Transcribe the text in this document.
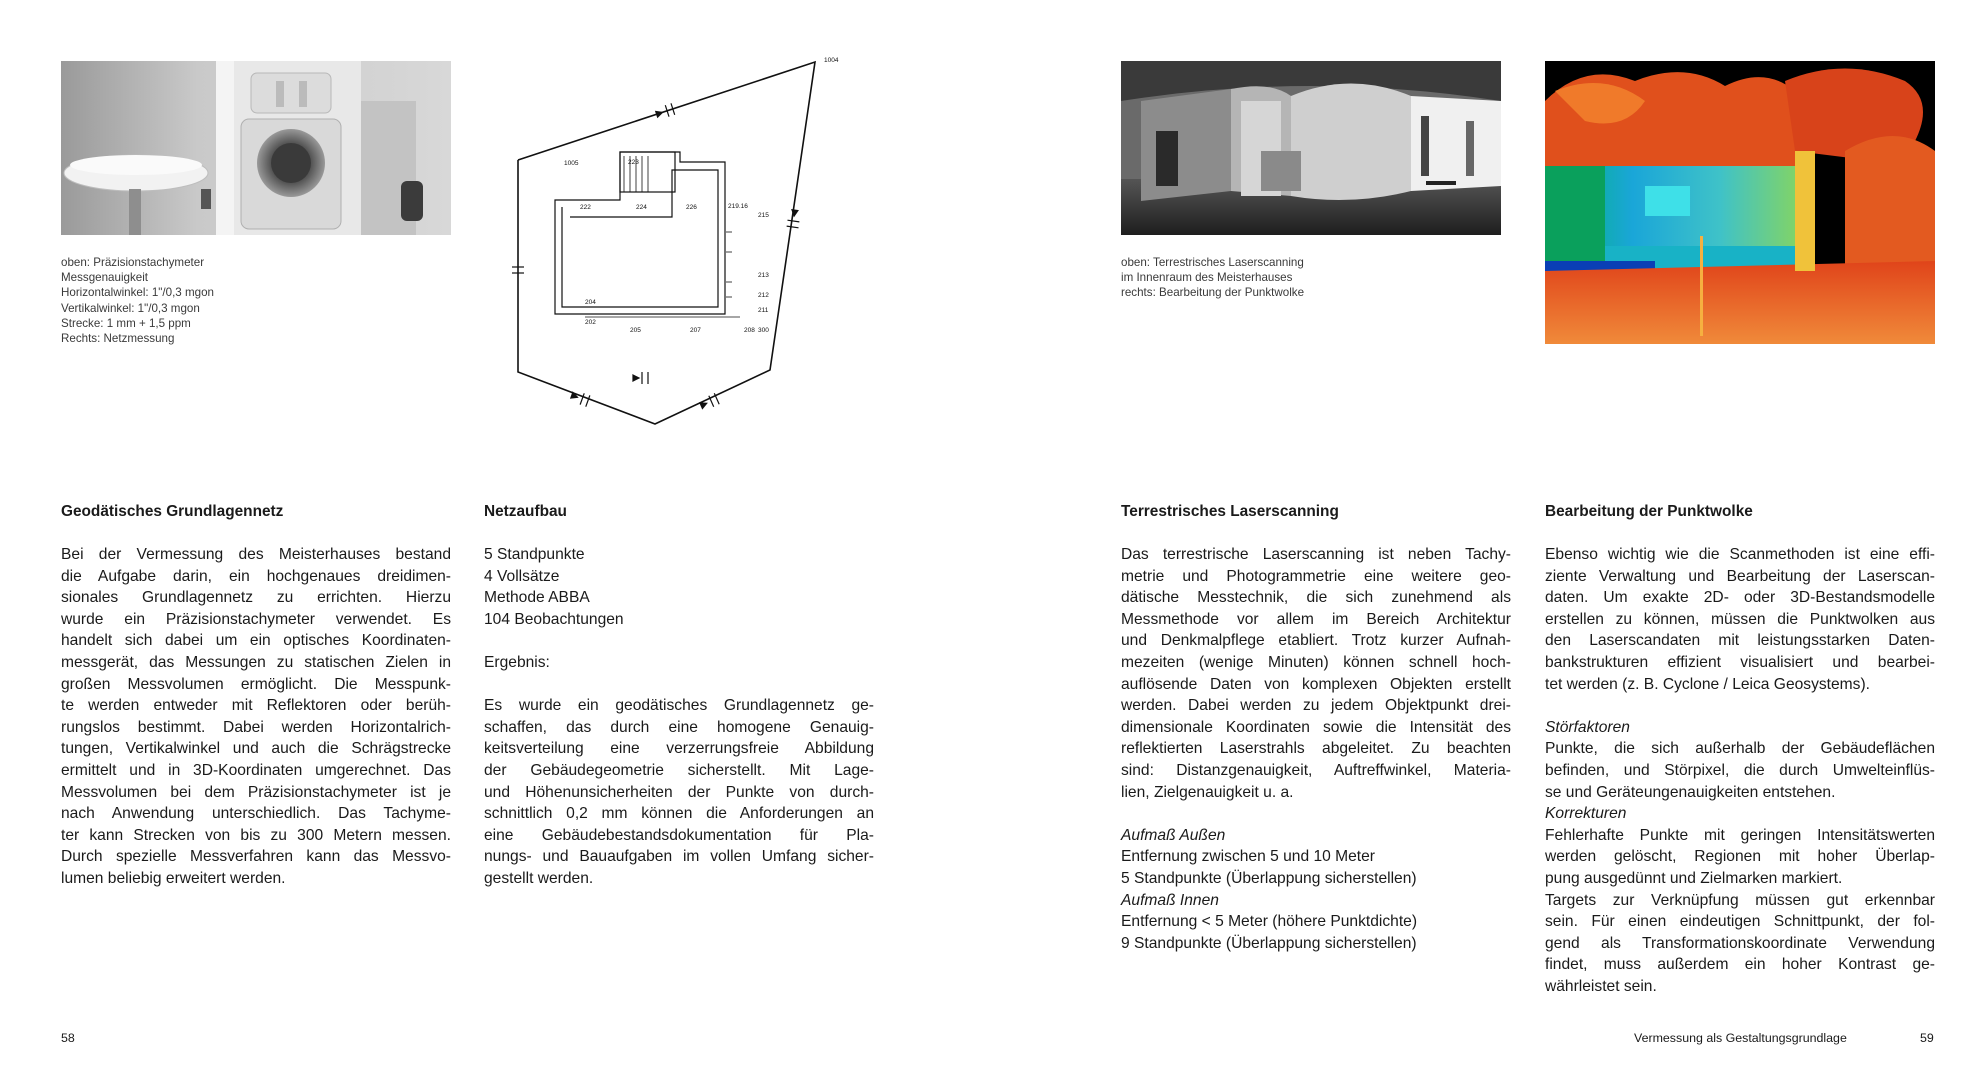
oben: Präzisionstachymeter
Messgenauigkeit
Horizontalwinkel: 1"/0,3 mgon
Vertikalwinkel: 1"/0,3 mgon
Strecke: 1 mm + 1,5 ppm
Rechts: Netzmessung
1004
1005	223
222	224	226	219.16
215
213
212
211
204
202
205	207	208 300
Geodätisches Grundlagennetz
Bei der Vermessung des Meisterhauses bestand
die Aufgabe darin, ein hochgenaues dreidimen-
sionales Grundlagennetz zu errichten. Hierzu
wurde ein Präzisionstachymeter verwendet. Es
handelt sich dabei um ein optisches Koordinaten-
messgerät, das Messungen zu statischen Zielen in
großen Messvolumen ermöglicht. Die Messpunk-
te werden entweder mit Reflektoren oder berüh-
rungslos bestimmt. Dabei werden Horizontalrich-
tungen, Vertikalwinkel und auch die Schrägstrecke
ermittelt und in 3D-Koordinaten umgerechnet. Das
Messvolumen bei dem Präzisionstachymeter ist je
nach Anwendung unterschiedlich. Das Tachyme-
ter kann Strecken von bis zu 300 Metern messen.
Durch spezielle Messverfahren kann das Messvo-
lumen beliebig erweitert werden.
Netzaufbau
5 Standpunkte
4 Vollsätze
Methode ABBA
104 Beobachtungen
Ergebnis:
Es wurde ein geodätisches Grundlagennetz ge-
schaffen, das durch eine homogene Genauig-
keitsverteilung eine verzerrungsfreie Abbildung
der Gebäudegeometrie sicherstellt. Mit Lage-
und Höhenunsicherheiten der Punkte von durch-
schnittlich 0,2 mm können die Anforderungen an
eine Gebäudebestandsdokumentation für Pla-
nungs- und Bauaufgaben im vollen Umfang sicher-
gestellt werden.
58
oben: Terrestrisches Laserscanning
im Innenraum des Meisterhauses
rechts: Bearbeitung der Punktwolke
Terrestrisches Laserscanning
Das terrestrische Laserscanning ist neben Tachy-
metrie und Photogrammetrie eine weitere geo-
dätische Messtechnik, die sich zunehmend als
Messmethode vor allem im Bereich Architektur
und Denkmalpflege etabliert. Trotz kurzer Aufnah-
mezeiten (wenige Minuten) können schnell hoch-
auflösende Daten von komplexen Objekten erstellt
werden. Dabei werden zu jedem Objektpunkt drei-
dimensionale Koordinaten sowie die Intensität des
reflektierten Laserstrahls abgeleitet. Zu beachten
sind: Distanzgenauigkeit, Auftreffwinkel, Materia-
lien, Zielgenauigkeit u. a.
Aufmaß Außen
Entfernung zwischen 5 und 10 Meter
5 Standpunkte (Überlappung sicherstellen)
Aufmaß Innen
Entfernung < 5 Meter (höhere Punktdichte)
9 Standpunkte (Überlappung sicherstellen)
Bearbeitung der Punktwolke
Ebenso wichtig wie die Scanmethoden ist eine effi-
ziente Verwaltung und Bearbeitung der Laserscan-
daten. Um exakte 2D- oder 3D-Bestandsmodelle
erstellen zu können, müssen die Punktwolken aus
den Laserscandaten mit leistungsstarken Daten-
bankstrukturen effizient visualisiert und bearbei-
tet werden (z. B. Cyclone / Leica Geosystems).
Störfaktoren
Punkte, die sich außerhalb der Gebäudeflächen
befinden, und Störpixel, die durch Umwelteinflüs-
se und Geräteungenauigkeiten entstehen.
Korrekturen
Fehlerhafte Punkte mit geringen Intensitätswerten
werden gelöscht, Regionen mit hoher Überlap-
pung ausgedünnt und Zielmarken markiert.
Targets zur Verknüpfung müssen gut erkennbar
sein. Für einen eindeutigen Schnittpunkt, der fol-
gend als Transformationskoordinate Verwendung
findet, muss außerdem ein hoher Kontrast ge-
währleistet sein.
Vermessung als Gestaltungsgrundlage	59
